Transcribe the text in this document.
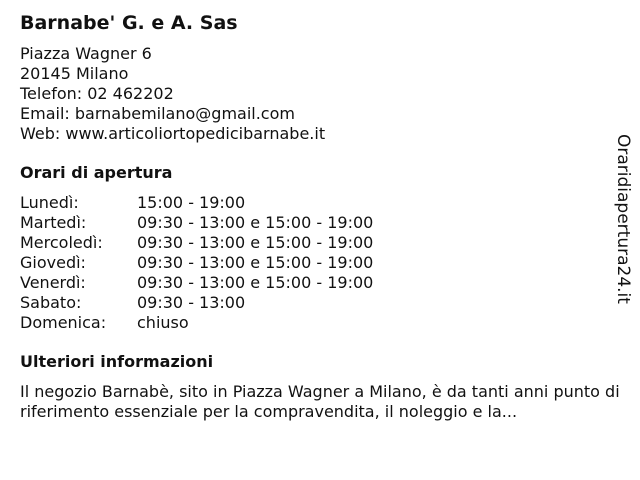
Barnabe' G. e A. Sas
Piazza Wagner 6
20145 Milano
Telefon: 02 462202
Email: barnabemilano@gmail.com
Web: www.articoliortopedicibarnabe.it
Orari di apertura
Lunedì:	15:00 - 19:00
Martedì:	09:30 - 13:00 e 15:00 - 19:00
Mercoledì:	09:30 - 13:00 e 15:00 - 19:00
Giovedì:	09:30 - 13:00 e 15:00 - 19:00
Venerdì:	09:30 - 13:00 e 15:00 - 19:00
Sabato:	09:30 - 13:00
Domenica:	chiuso
Ulteriori informazioni
Il negozio Barnabè, sito in Piazza Wagner a Milano, è da tanti anni punto di riferimento essenziale per la compravendita, il noleggio e la...
Oraridiapertura24.it
